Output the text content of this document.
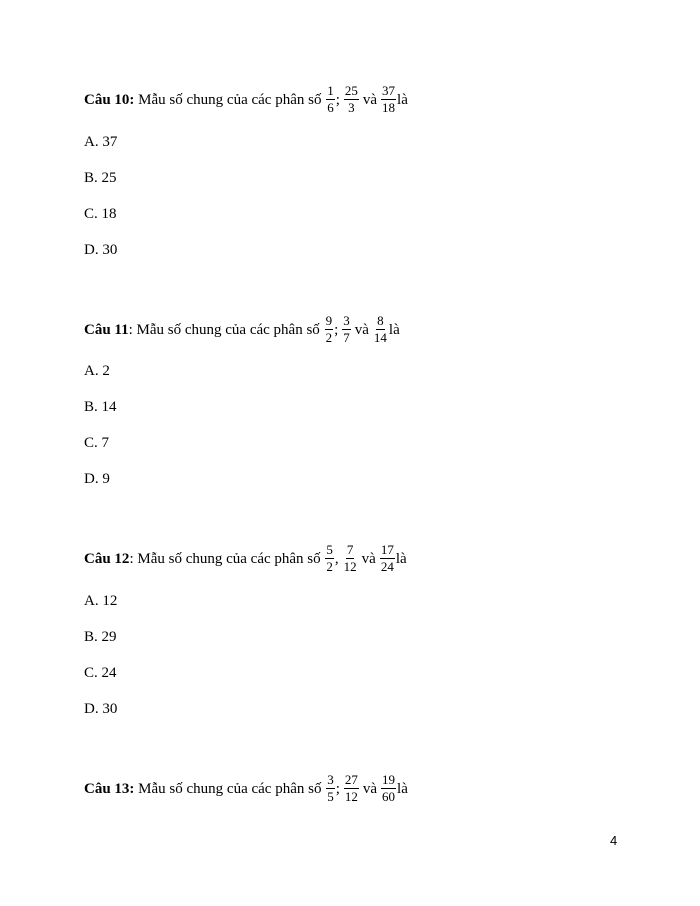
Câu 10: Mẫu số chung của các phân số $\frac{1}{6}$ ; $\frac{25}{3}$ và $\frac{37}{18}$ là
A. 37
B. 25
C. 18
D. 30
Câu 11 : Mẫu số chung của các phân số $\frac{9}{2}$ ; $\frac{3}{7}$ và $\frac{8}{14}$ là
A. 2
B. 14
C. 7
D. 9
Câu 12 : Mẫu số chung của các phân số $\frac{5}{2}$ , $\frac{7}{12}$ và $\frac{17}{24}$ là
A. 12
B. 29
C. 24
D. 30
Câu 13: Mẫu số chung của các phân số $\frac{3}{5}$ ; $\frac{27}{12}$ và $\frac{19}{60}$ là
4
